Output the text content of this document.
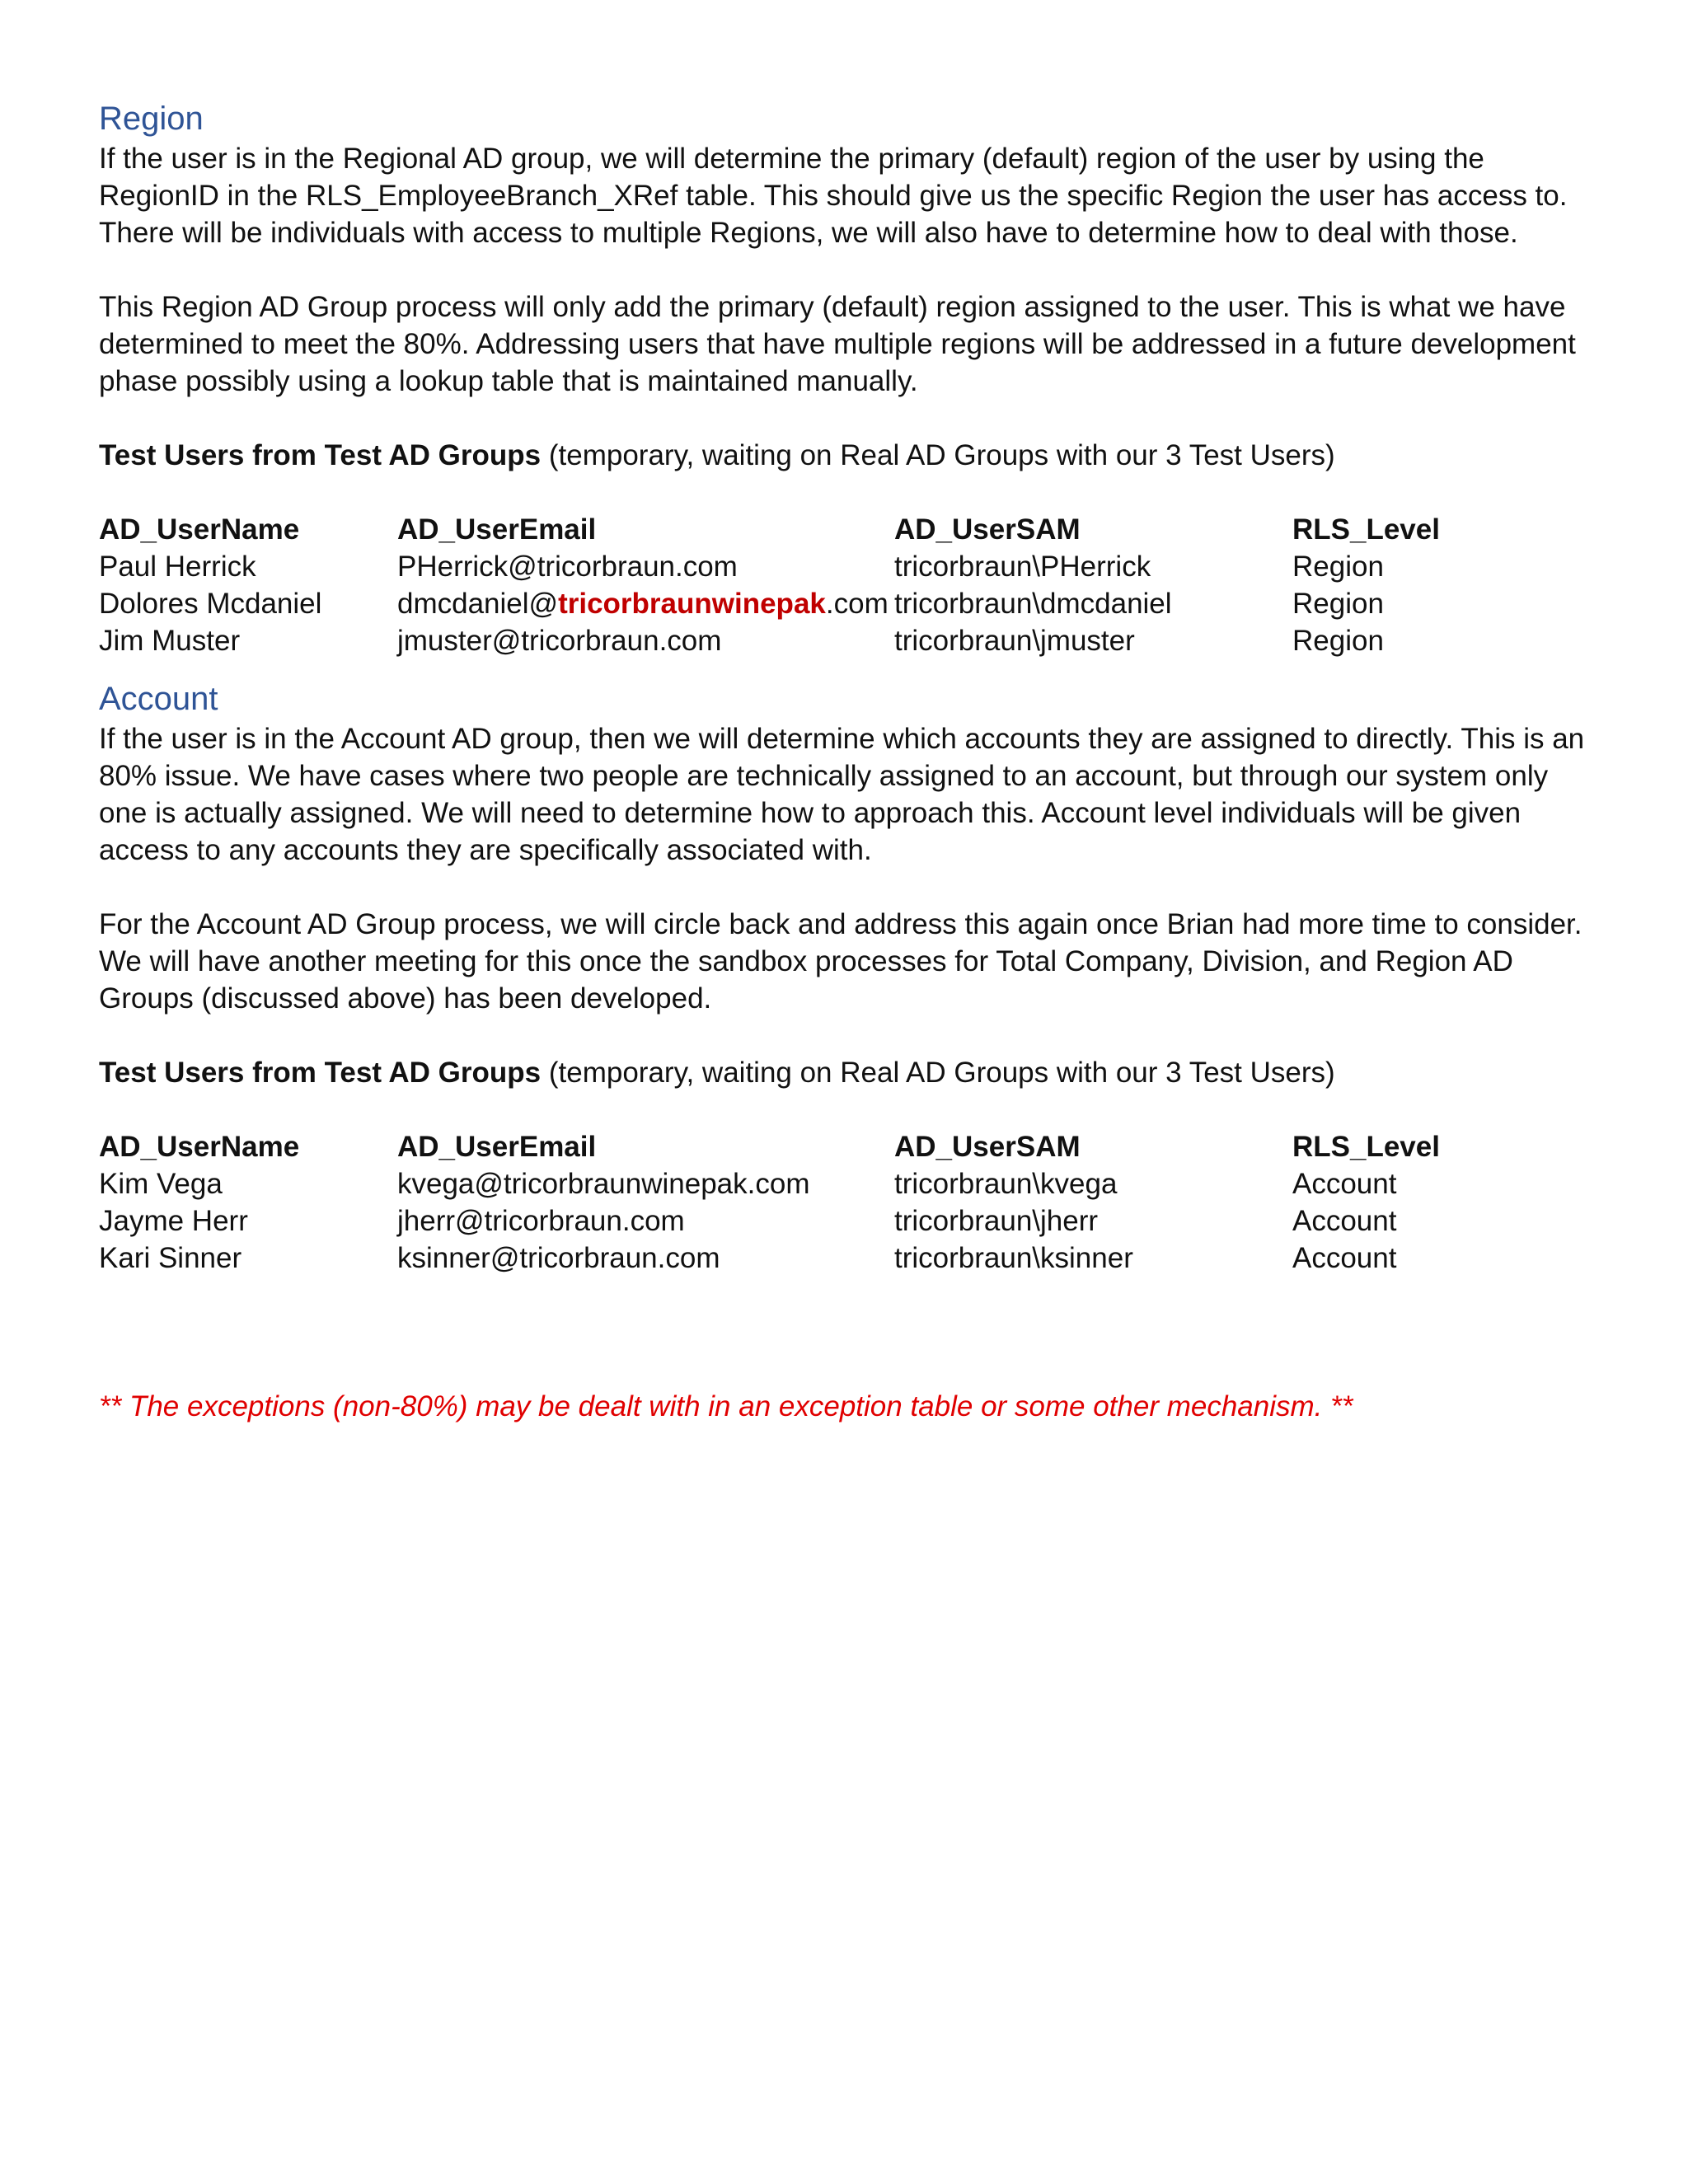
Region

If the user is in the Regional AD group, we will determine the primary (default) region of the user by using the RegionID in the RLS_EmployeeBranch_XRef table. This should give us the specific Region the user has access to. There will be individuals with access to multiple Regions, we will also have to determine how to deal with those.

This Region AD Group process will only add the primary (default) region assigned to the user. This is what we have determined to meet the 80%. Addressing users that have multiple regions will be addressed in a future development phase possibly using a lookup table that is maintained manually.

Test Users from Test AD Groups (temporary, waiting on Real AD Groups with our 3 Test Users)

AD_UserName	AD_UserEmail	AD_UserSAM	RLS_Level
Paul Herrick	PHerrick@tricorbraun.com	tricorbraun\PHerrick	Region
Dolores Mcdaniel	dmcdaniel@tricorbraunwinepak.com	tricorbraun\dmcdaniel	Region
Jim Muster	jmuster@tricorbraun.com	tricorbraun\jmuster	Region
Account

If the user is in the Account AD group, then we will determine which accounts they are assigned to directly. This is an 80% issue. We have cases where two people are technically assigned to an account, but through our system only one is actually assigned. We will need to determine how to approach this. Account level individuals will be given access to any accounts they are specifically associated with.

For the Account AD Group process, we will circle back and address this again once Brian had more time to consider. We will have another meeting for this once the sandbox processes for Total Company, Division, and Region AD Groups (discussed above) has been developed.

Test Users from Test AD Groups (temporary, waiting on Real AD Groups with our 3 Test Users)

AD_UserName	AD_UserEmail	AD_UserSAM	RLS_Level
Kim Vega	kvega@tricorbraunwinepak.com	tricorbraun\kvega	Account
Jayme Herr	jherr@tricorbraun.com	tricorbraun\jherr	Account
Kari Sinner	ksinner@tricorbraun.com	tricorbraun\ksinner	Account

** The exceptions (non-80%) may be dealt with in an exception table or some other mechanism. **
